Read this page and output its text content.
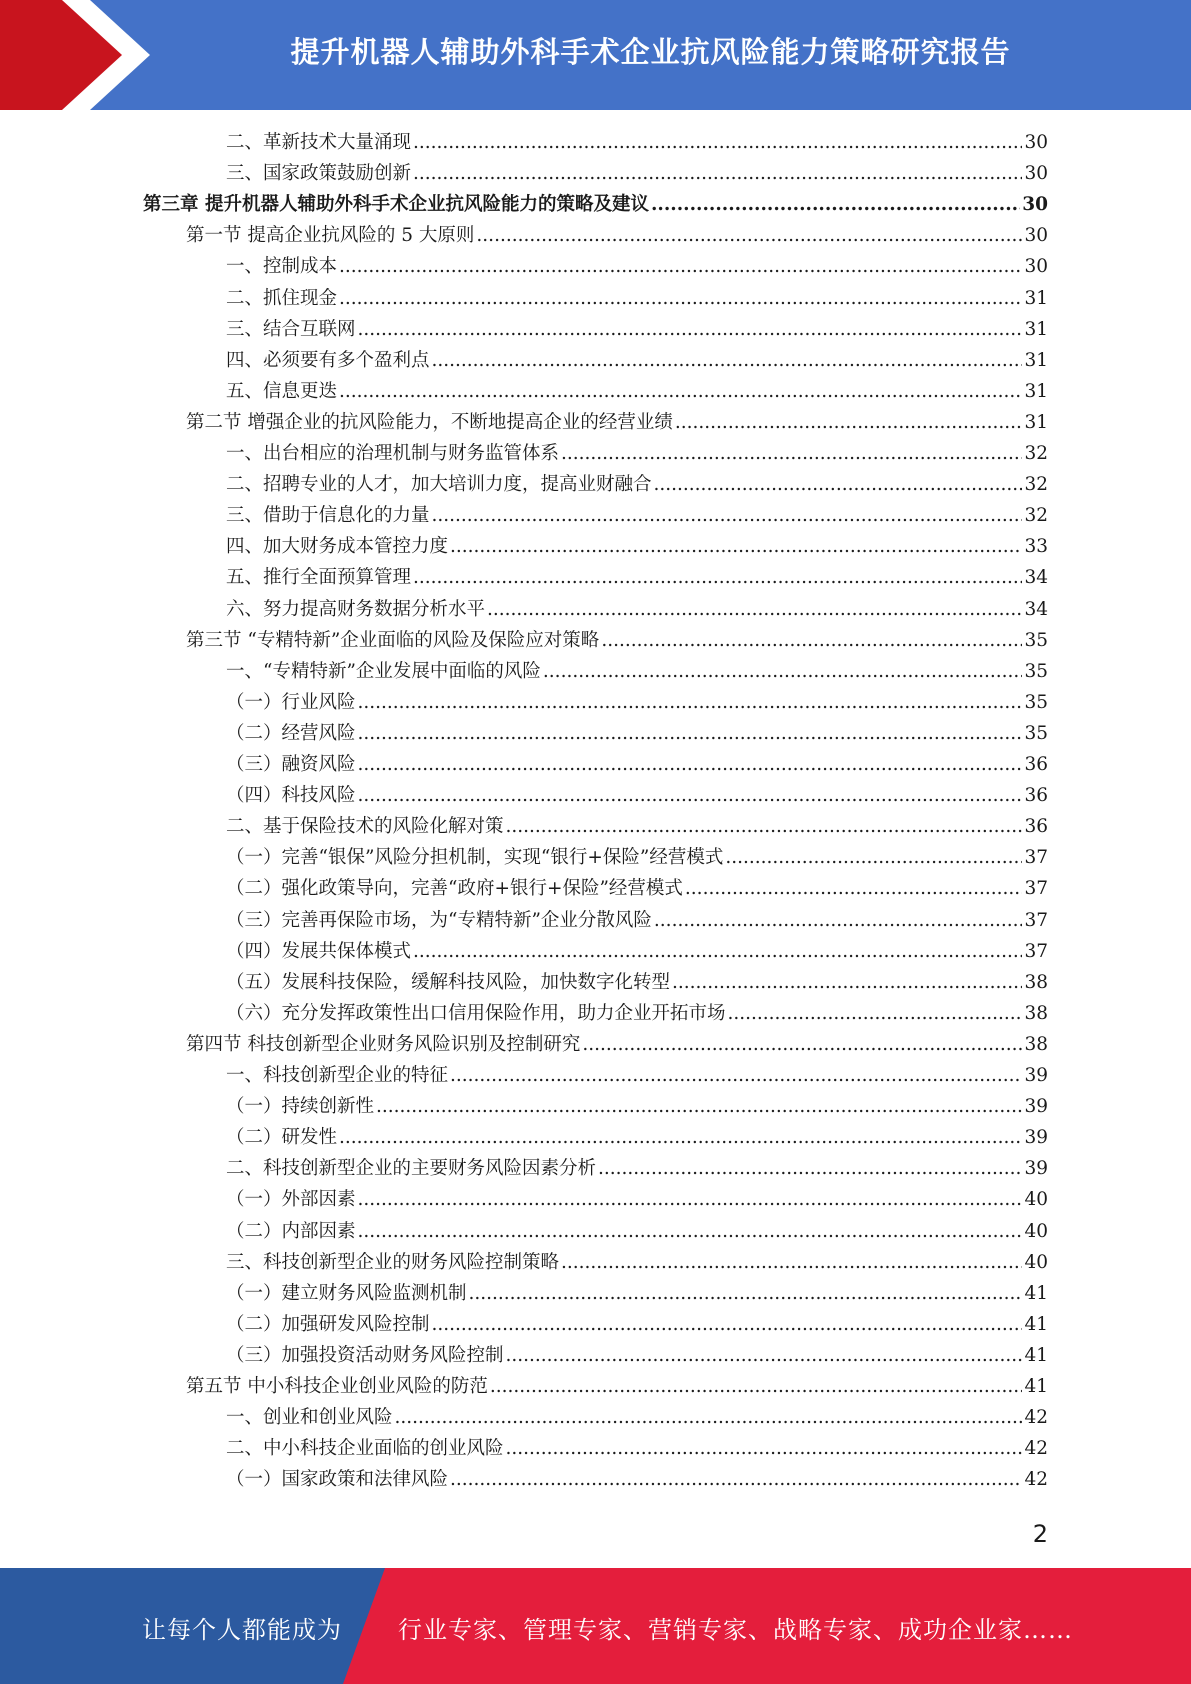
提升机器人辅助外科手术企业抗风险能力策略研究报告
二、革新技术大量涌现 .....	30
三、国家政策鼓励创新 .....	30
第三章 提升机器人辅助外科手术企业抗风险能力的策略及建议 .....	30
第一节 提高企业抗风险的 5 大原则 .....	30
一、控制成本 .....	30
二、抓住现金 .....	31
三、结合互联网 .....	31
四、必须要有多个盈利点 .....	31
五、信息更迭 .....	31
第二节 增强企业的抗风险能力，不断地提高企业的经营业绩 .....	31
一、出台相应的治理机制与财务监管体系 .....	32
二、招聘专业的人才，加大培训力度，提高业财融合 .....	32
三、借助于信息化的力量 .....	32
四、加大财务成本管控力度 .....	33
五、推行全面预算管理 .....	34
六、努力提高财务数据分析水平 .....	34
第三节 “专精特新”企业面临的风险及保险应对策略 .....	35
一、“专精特新”企业发展中面临的风险 .....	35
（一）行业风险 .....	35
（二）经营风险 .....	35
（三）融资风险 .....	36
（四）科技风险 .....	36
二、基于保险技术的风险化解对策 .....	36
（一）完善“银保”风险分担机制，实现“银行+保险”经营模式 .....	37
（二）强化政策导向，完善“政府+银行+保险”经营模式 .....	37
（三）完善再保险市场，为“专精特新”企业分散风险 .....	37
（四）发展共保体模式 .....	37
（五）发展科技保险，缓解科技风险，加快数字化转型 .....	38
（六）充分发挥政策性出口信用保险作用，助力企业开拓市场 .....	38
第四节 科技创新型企业财务风险识别及控制研究 .....	38
一、科技创新型企业的特征 .....	39
（一）持续创新性 .....	39
（二）研发性 .....	39
二、科技创新型企业的主要财务风险因素分析 .....	39
（一）外部因素 .....	40
（二）内部因素 .....	40
三、科技创新型企业的财务风险控制策略 .....	40
（一）建立财务风险监测机制 .....	41
（二）加强研发风险控制 .....	41
（三）加强投资活动财务风险控制 .....	41
第五节 中小科技企业创业风险的防范 .....	41
一、创业和创业风险 .....	42
二、中小科技企业面临的创业风险 .....	42
（一）国家政策和法律风险 .....	42
2
让每个人都能成为 行业专家、管理专家、营销专家、战略专家、成功企业家……
